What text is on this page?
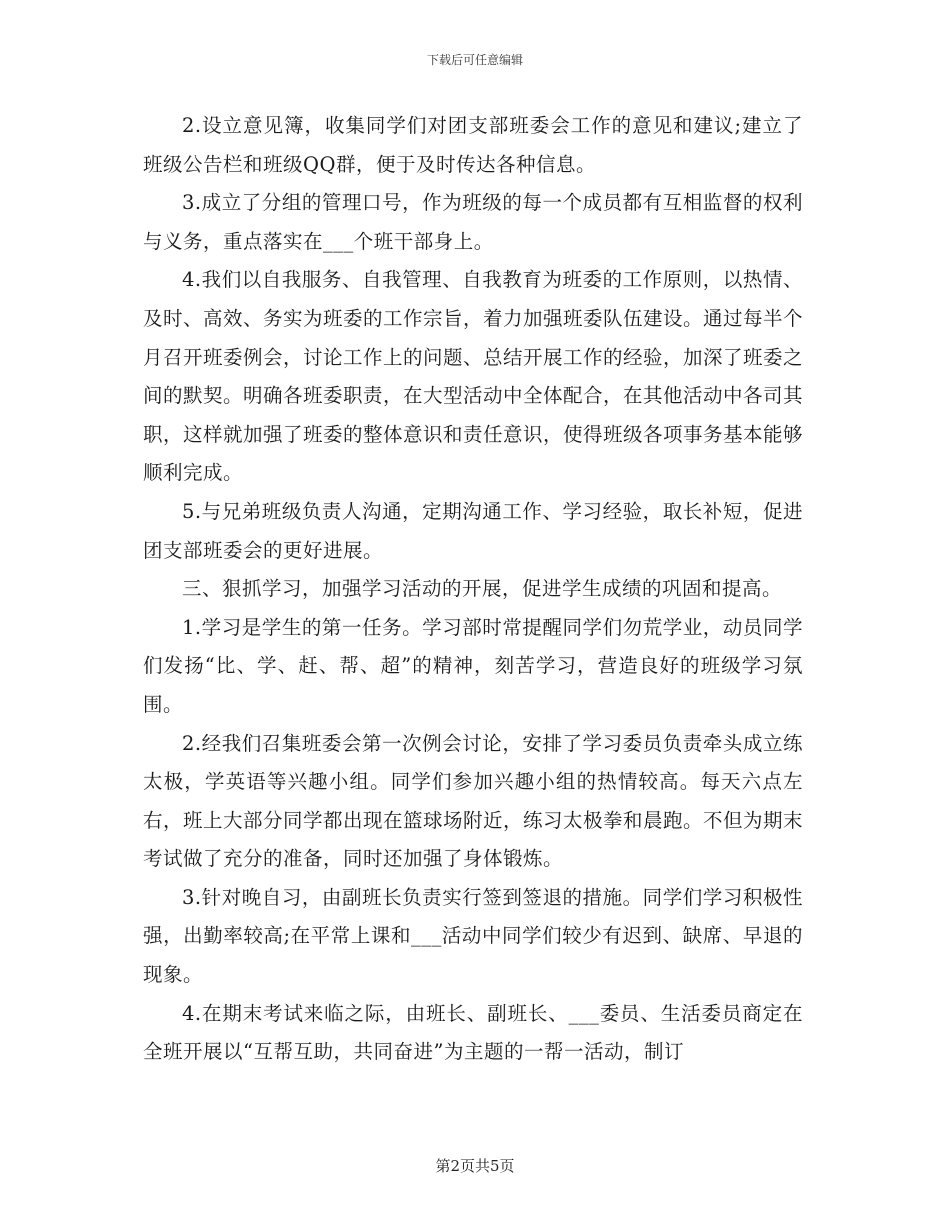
下载后可任意编辑

2.设立意见簿，收集同学们对团支部班委会工作的意见和建议;建立了班级公告栏和班级QQ群，便于及时传达各种信息。

3.成立了分组的管理口号，作为班级的每一个成员都有互相监督的权利与义务，重点落实在___个班干部身上。

4.我们以自我服务、自我管理、自我教育为班委的工作原则，以热情、及时、高效、务实为班委的工作宗旨，着力加强班委队伍建设。通过每半个月召开班委例会，讨论工作上的问题、总结开展工作的经验，加深了班委之间的默契。明确各班委职责，在大型活动中全体配合，在其他活动中各司其职，这样就加强了班委的整体意识和责任意识，使得班级各项事务基本能够顺利完成。

5.与兄弟班级负责人沟通，定期沟通工作、学习经验，取长补短，促进团支部班委会的更好进展。

三、狠抓学习，加强学习活动的开展，促进学生成绩的巩固和提高。

1.学习是学生的第一任务。学习部时常提醒同学们勿荒学业，动员同学们发扬“比、学、赶、帮、超”的精神，刻苦学习，营造良好的班级学习氛围。

2.经我们召集班委会第一次例会讨论，安排了学习委员负责牵头成立练太极，学英语等兴趣小组。同学们参加兴趣小组的热情较高。每天六点左右，班上大部分同学都出现在篮球场附近，练习太极拳和晨跑。不但为期末考试做了充分的准备，同时还加强了身体锻炼。

3.针对晚自习，由副班长负责实行签到签退的措施。同学们学习积极性强，出勤率较高;在平常上课和___活动中同学们较少有迟到、缺席、早退的现象。

4.在期末考试来临之际，由班长、副班长、___委员、生活委员商定在全班开展以“互帮互助，共同奋进”为主题的一帮一活动，制订

第2页共5页
